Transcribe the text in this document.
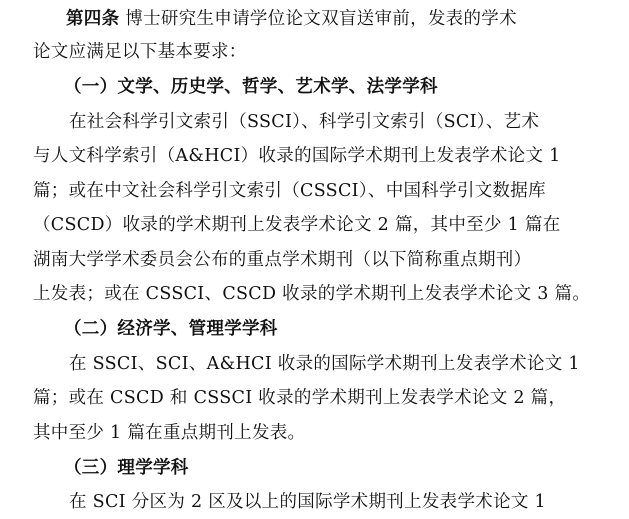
第四条 博士研究生申请学位论文双盲送审前，发表的学术
论文应满足以下基本要求：
（一）文学、历史学、哲学、艺术学、法学学科
在社会科学引文索引（SSCI）、科学引文索引（SCI）、艺术
与人文科学索引（A&HCI）收录的国际学术期刊上发表学术论文 1
篇；或在中文社会科学引文索引（CSSCI）、中国科学引文数据库
（CSCD）收录的学术期刊上发表学术论文 2 篇，其中至少 1 篇在
湖南大学学术委员会公布的重点学术期刊（以下简称重点期刊）
上发表；或在 CSSCI、CSCD 收录的学术期刊上发表学术论文 3 篇。
（二）经济学、管理学学科
在 SSCI、SCI、A&HCI 收录的国际学术期刊上发表学术论文 1
篇；或在 CSCD 和 CSSCI 收录的学术期刊上发表学术论文 2 篇，
其中至少 1 篇在重点期刊上发表。
（三）理学学科
在 SCI 分区为 2 区及以上的国际学术期刊上发表学术论文 1
